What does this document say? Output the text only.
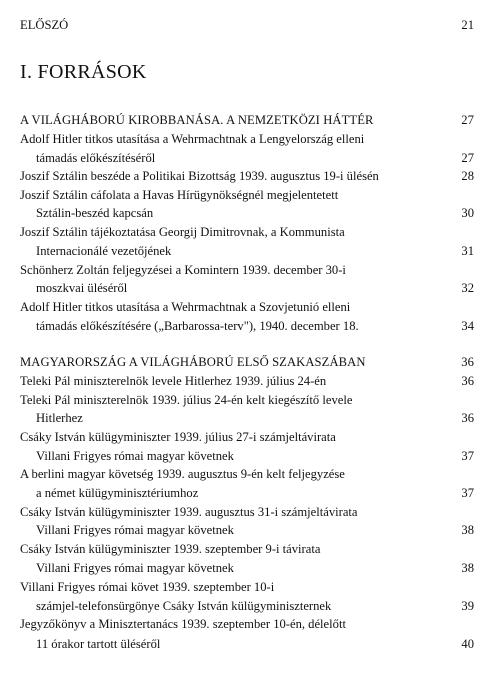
ELŐSZÓ	21
I. FORRÁSOK
A VILÁGHÁBORÚ KIROBBANÁSA. A NEMZETKÖZI HÁTTÉR	27
Adolf Hitler titkos utasítása a Wehrmachtnak a Lengyelország elleni
támadás előkészítéséről	27
Joszif Sztálin beszéde a Politikai Bizottság 1939. augusztus 19-i ülésén	28
Joszif Sztálin cáfolata a Havas Hírügynökségnél megjelentetett
Sztálin-beszéd kapcsán	30
Joszif Sztálin tájékoztatása Georgij Dimitrovnak, a Kommunista
Internacionálé vezetőjének	31
Schönherz Zoltán feljegyzései a Komintern 1939. december 30-i
moszkvai üléséről	32
Adolf Hitler titkos utasítása a Wehrmachtnak a Szovjetunió elleni
támadás előkészítésére („Barbarossa-terv"), 1940. december 18.	34
MAGYARORSZÁG A VILÁGHÁBORÚ ELSŐ SZAKASZÁBAN	36
Teleki Pál miniszterelnök levele Hitlerhez 1939. július 24-én	36
Teleki Pál miniszterelnök 1939. július 24-én kelt kiegészítő levele
Hitlerhez	36
Csáky István külügyminiszter 1939. július 27-i számjeltávirata
Villani Frigyes római magyar követnek	37
A berlini magyar követség 1939. augusztus 9-én kelt feljegyzése
a német külügyminisztériumhoz	37
Csáky István külügyminiszter 1939. augusztus 31-i számjeltávirata
Villani Frigyes római magyar követnek	38
Csáky István külügyminiszter 1939. szeptember 9-i távirata
Villani Frigyes római magyar követnek	38
Villani Frigyes római követ 1939. szeptember 10-i
számjel-telefonsürgönye Csáky István külügyminiszternek	39
Jegyzőkönyv a Minisztertanács 1939. szeptember 10-én, délelőtt
11 órakor tartott üléséről	40
